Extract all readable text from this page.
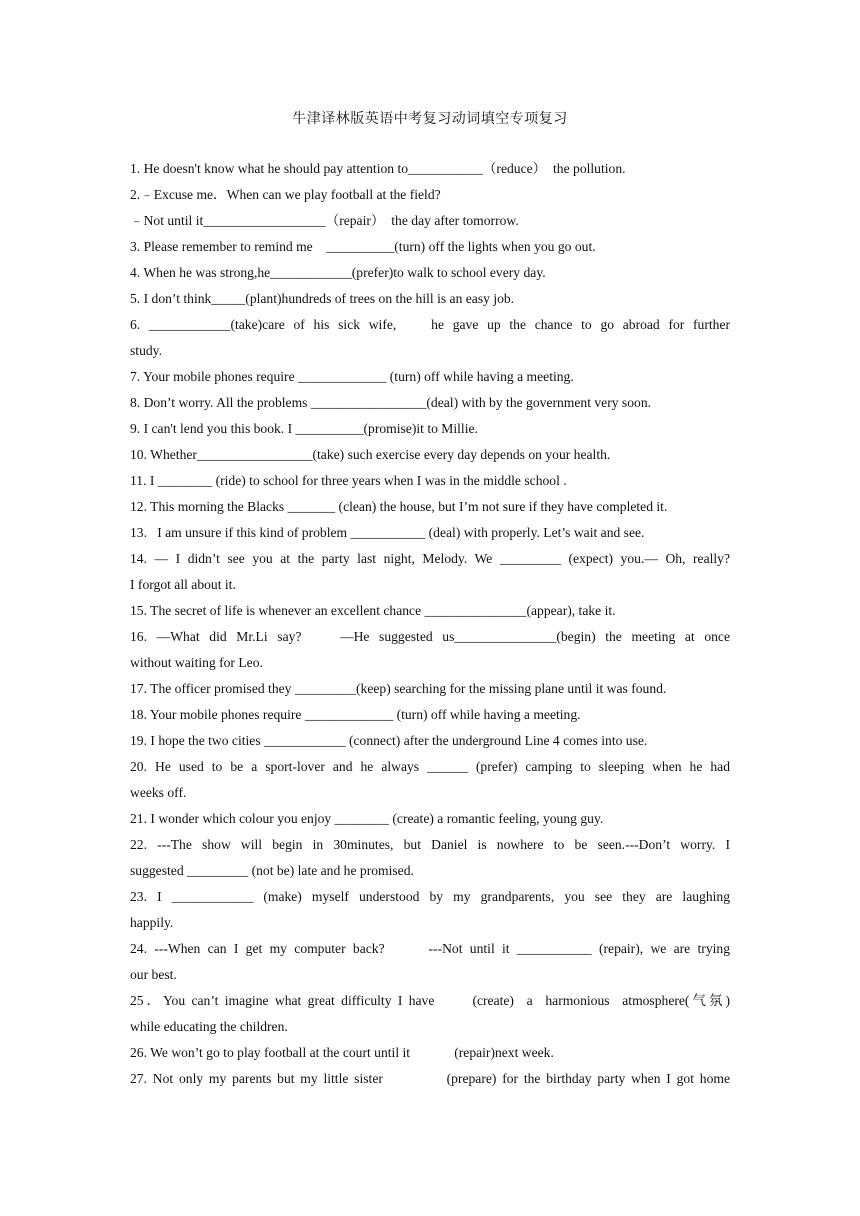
牛津译林版英语中考复习动词填空专项复习
1. He doesn't know what he should pay attention to___________（reduce）  the pollution.
2.﹣Excuse me．When can we play football at the field?
﹣Not until it__________________（repair）  the day after tomorrow.
3. Please remember to remind me    __________(turn) off the lights when you go out.
4. When he was strong,he____________(prefer)to walk to school every day.
5. I don’t think_____(plant)hundreds of trees on the hill is an easy job.
6. ____________(take)care of his sick wife,    he gave up the chance to go abroad for further
study.
7. Your mobile phones require _____________ (turn) off while having a meeting.
8. Don’t worry. All the problems _________________(deal) with by the government very soon.
9. I can't lend you this book. I __________(promise)it to Millie.
10. Whether_________________(take) such exercise every day depends on your health.
11. I ________ (ride) to school for three years when I was in the middle school .
12. This morning the Blacks _______ (clean) the house, but I’m not sure if they have completed it.
13.   I am unsure if this kind of problem ___________ (deal) with properly. Let’s wait and see.
14. — I didn’t see you at the party last night, Melody. We _________ (expect) you.— Oh, really?
I forgot all about it.
15. The secret of life is whenever an excellent chance _______________(appear), take it.
16. —What did Mr.Li say?    —He suggested us_______________(begin) the meeting at once
without waiting for Leo.
17. The officer promised they _________(keep) searching for the missing plane until it was found.
18. Your mobile phones require _____________ (turn) off while having a meeting.
19. I hope the two cities ____________ (connect) after the underground Line 4 comes into use.
20. He used to be a sport-lover and he always ______ (prefer) camping to sleeping when he had
weeks off.
21. I wonder which colour you enjoy ________ (create) a romantic feeling, young guy.
22. ---The show will begin in 30minutes, but Daniel is nowhere to be seen.---Don’t worry. I
suggested _________ (not be) late and he promised.
23. I ____________ (make) myself understood by my grandparents, you see they are laughing
happily.
24. ---When can I get my computer back?      ---Not until it ___________ (repair), we are trying
our best.
25．You can’t imagine what great difficulty I have      (create)  a  harmonious  atmosphere(气氛)
while educating the children.
26. We won’t go to play football at the court until it             (repair)next week.
27. Not only my parents but my little sister           (prepare) for the birthday party when I got home
